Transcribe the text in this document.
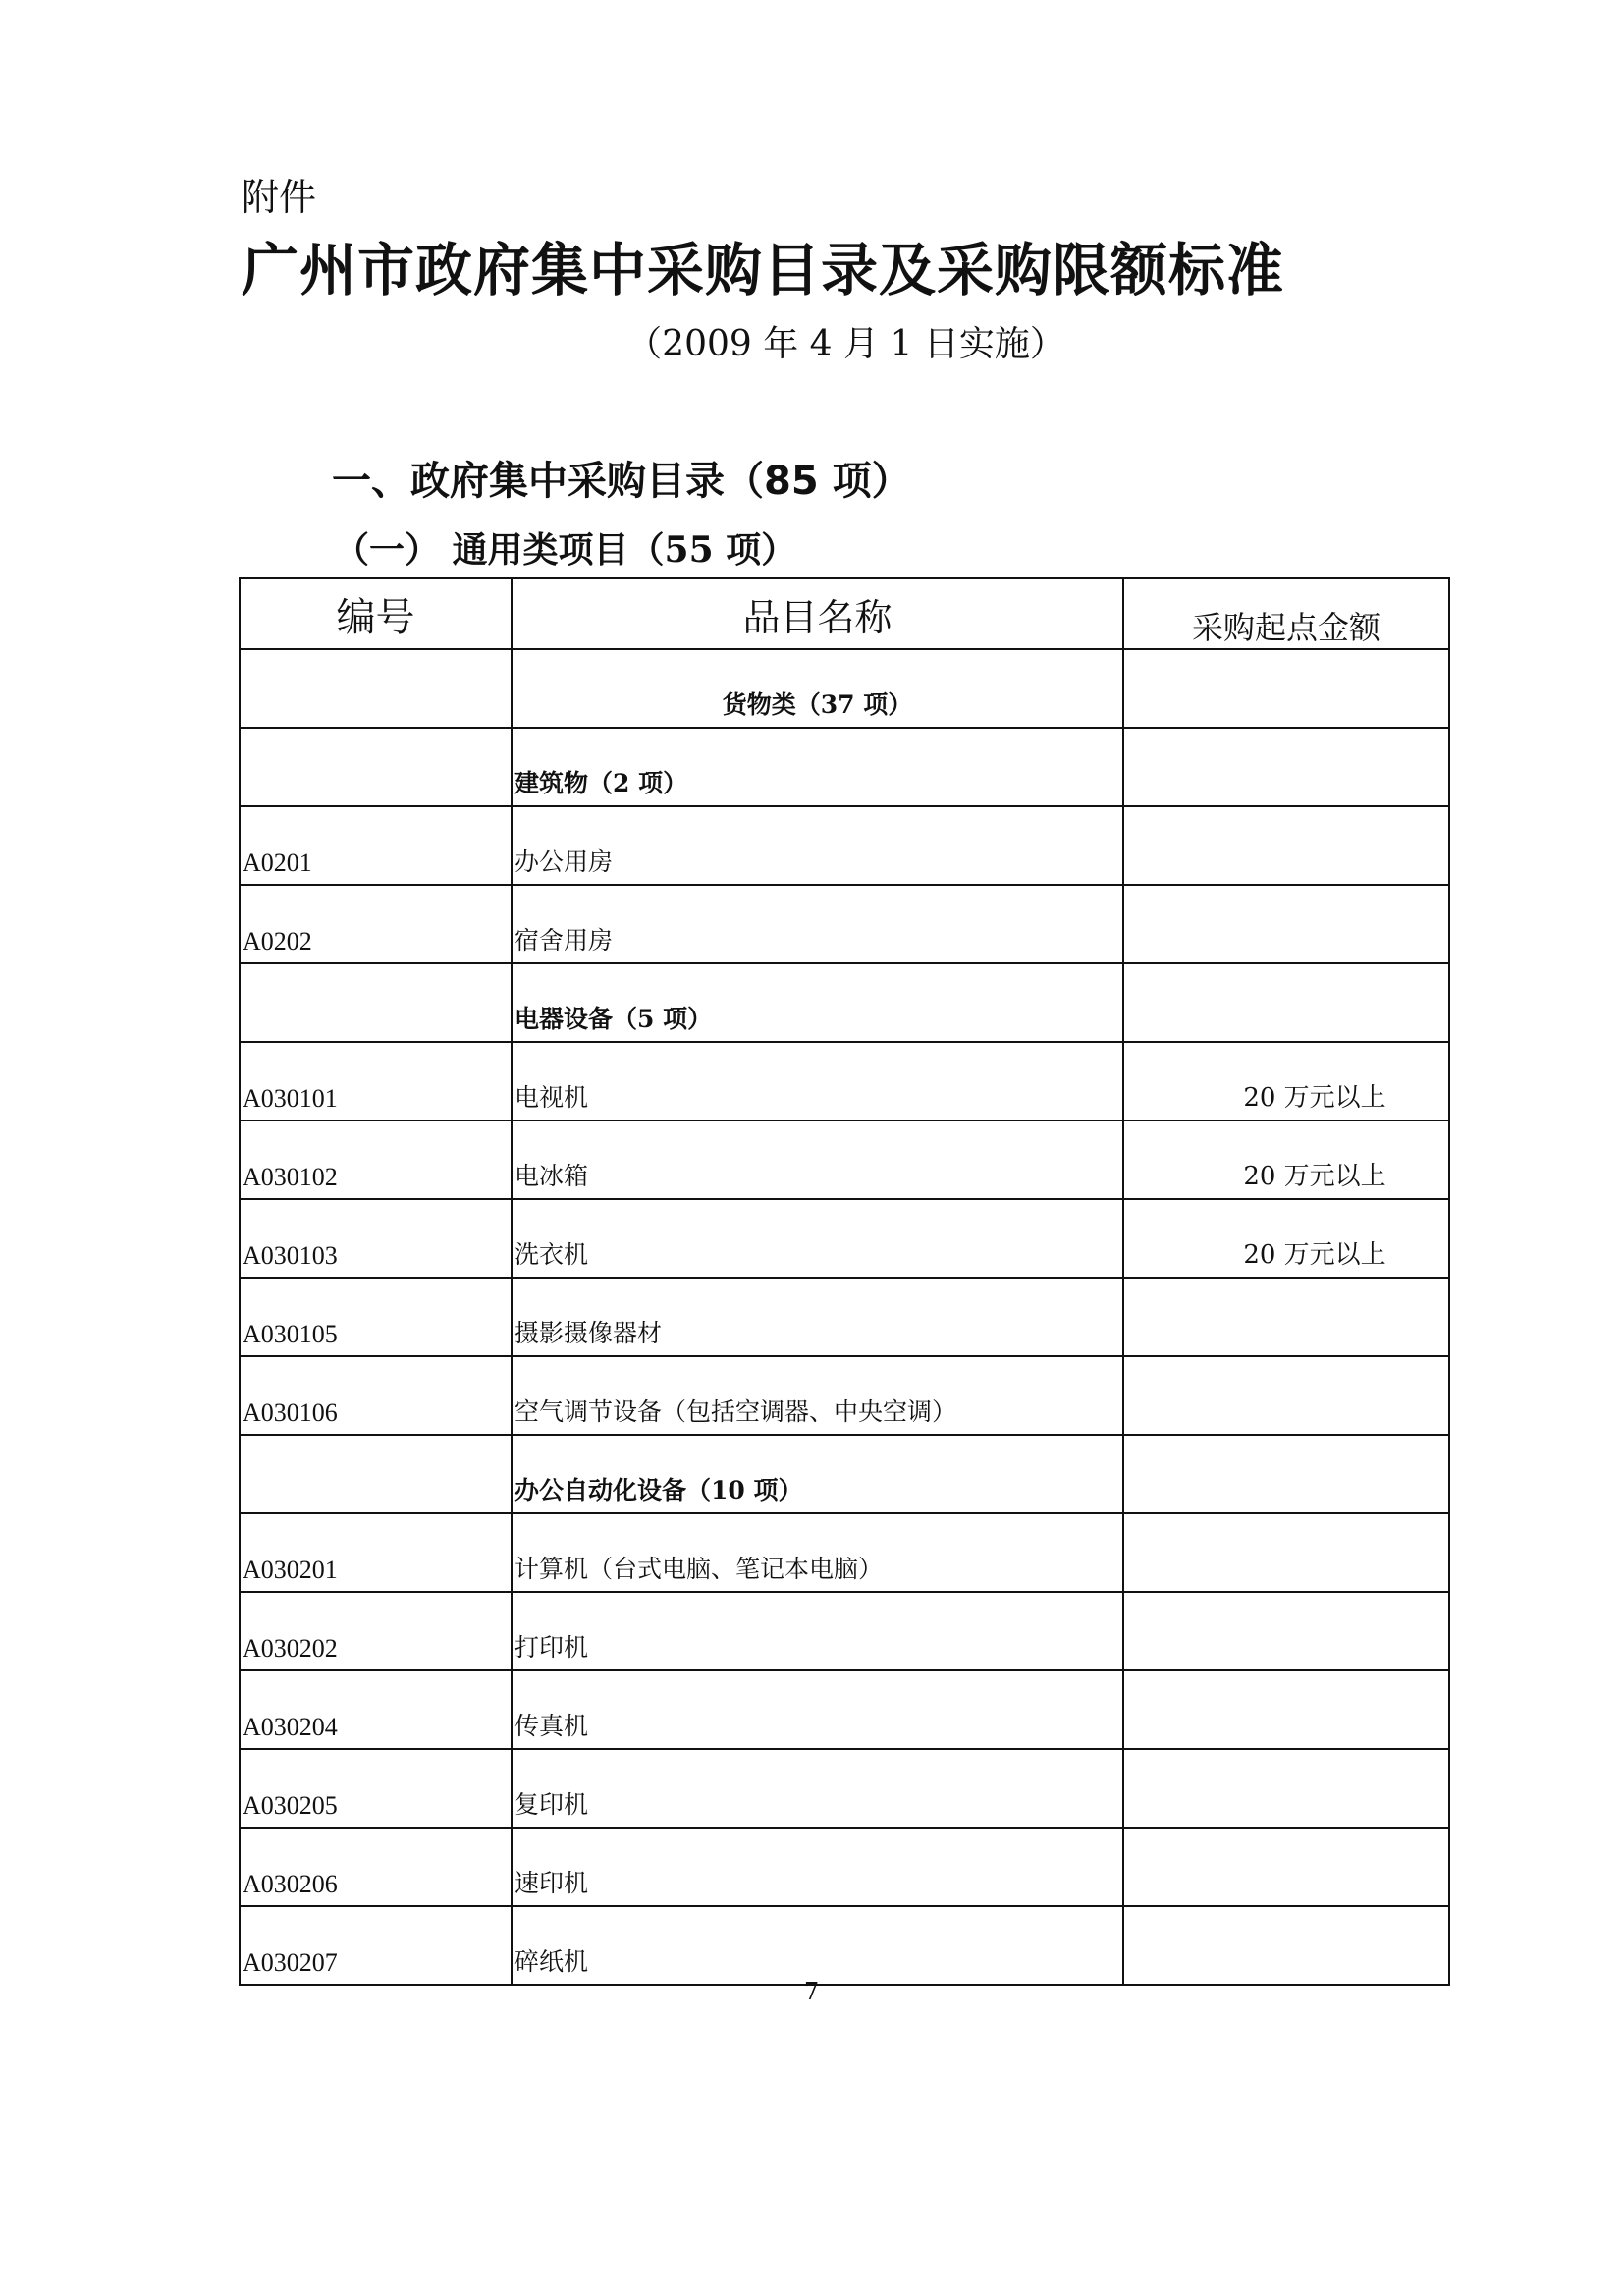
附件
广州市政府集中采购目录及采购限额标准
（2009 年 4 月 1 日实施）
一、政府集中采购目录（85 项）
（一） 通用类项目（55 项）
编号	品目名称	采购起点金额
	货物类（37 项）	
	建筑物（2 项）	
A0201	办公用房	
A0202	宿舍用房	
	电器设备（5 项）	
A030101	电视机	20 万元以上
A030102	电冰箱	20 万元以上
A030103	洗衣机	20 万元以上
A030105	摄影摄像器材	
A030106	空气调节设备（包括空调器、中央空调）	
	办公自动化设备（10 项）	
A030201	计算机（台式电脑、笔记本电脑）	
A030202	打印机	
A030204	传真机	
A030205	复印机	
A030206	速印机	
A030207	碎纸机	
7
